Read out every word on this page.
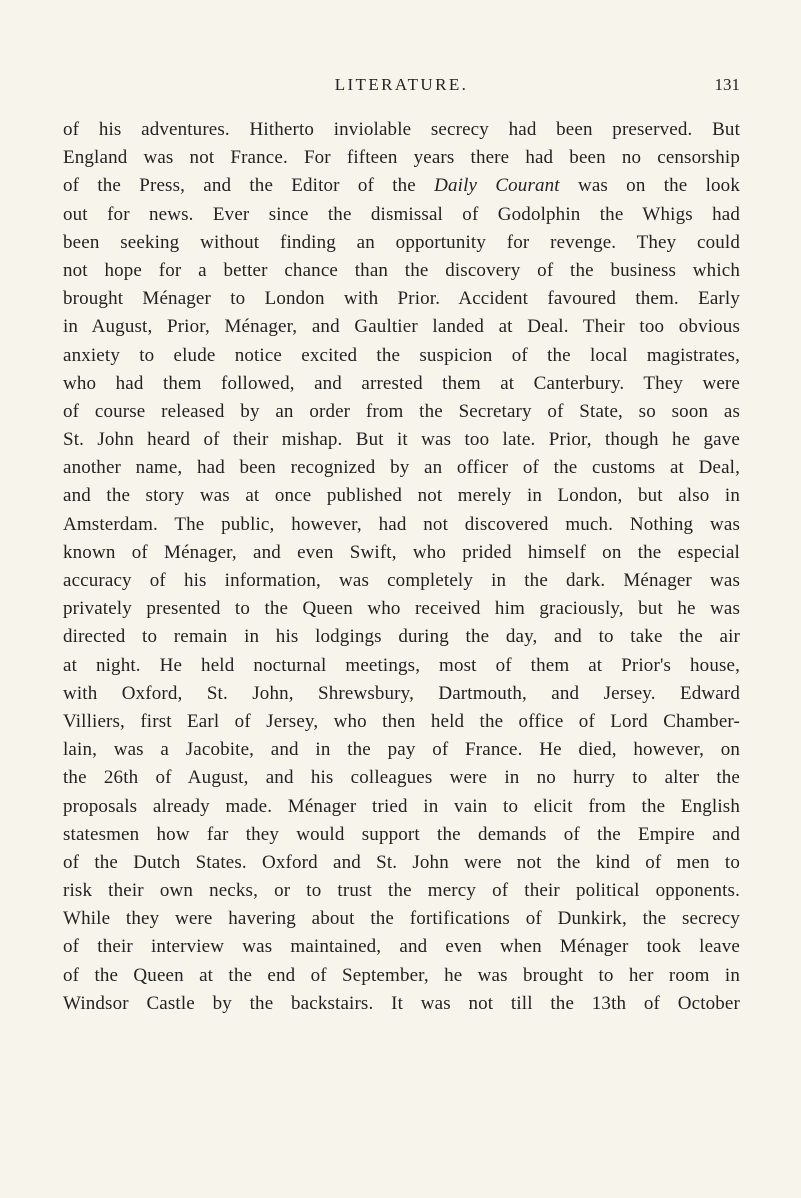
LITERATURE.	131
of his adventures. Hitherto inviolable secrecy had been preserved. But
England was not France. For fifteen years there had been no censorship
of the Press, and the Editor of the Daily Courant was on the look
out for news. Ever since the dismissal of Godolphin the Whigs had
been seeking without finding an opportunity for revenge. They could
not hope for a better chance than the discovery of the business which
brought Ménager to London with Prior. Accident favoured them. Early
in August, Prior, Ménager, and Gaultier landed at Deal. Their too obvious
anxiety to elude notice excited the suspicion of the local magistrates,
who had them followed, and arrested them at Canterbury. They were
of course released by an order from the Secretary of State, so soon as
St. John heard of their mishap. But it was too late. Prior, though he gave
another name, had been recognized by an officer of the customs at Deal,
and the story was at once published not merely in London, but also in
Amsterdam. The public, however, had not discovered much. Nothing was
known of Ménager, and even Swift, who prided himself on the especial
accuracy of his information, was completely in the dark. Ménager was
privately presented to the Queen who received him graciously, but he was
directed to remain in his lodgings during the day, and to take the air
at night. He held nocturnal meetings, most of them at Prior's house,
with Oxford, St. John, Shrewsbury, Dartmouth, and Jersey. Edward
Villiers, first Earl of Jersey, who then held the office of Lord Chamber-
lain, was a Jacobite, and in the pay of France. He died, however, on
the 26th of August, and his colleagues were in no hurry to alter the
proposals already made. Ménager tried in vain to elicit from the English
statesmen how far they would support the demands of the Empire and
of the Dutch States. Oxford and St. John were not the kind of men to
risk their own necks, or to trust the mercy of their political opponents.
While they were havering about the fortifications of Dunkirk, the secrecy
of their interview was maintained, and even when Ménager took leave
of the Queen at the end of September, he was brought to her room in
Windsor Castle by the backstairs. It was not till the 13th of October
